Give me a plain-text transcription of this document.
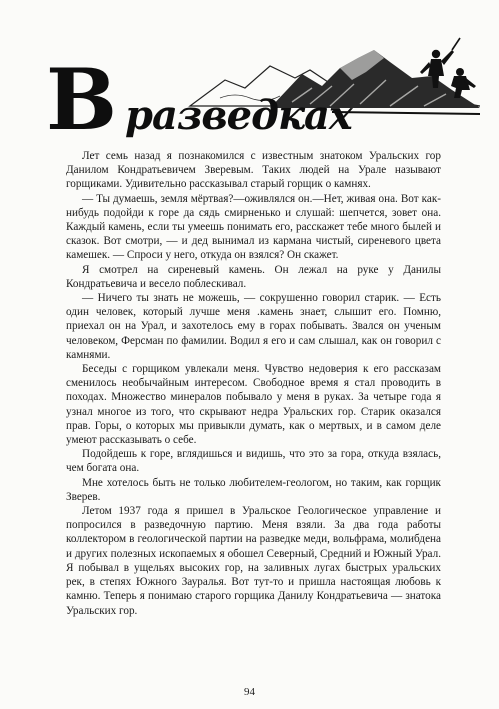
В разведках

Лет семь назад я познакомился с известным знатоком Уральских гор Данилом Кондратьевичем Зверевым. Таких людей на Урале называют горщиками. Удивительно рассказывал старый горщик о камнях.

— Ты думаешь, земля мёртвая?—оживлялся он.—Нет, живая она. Вот как-нибудь подойди к горе да сядь смирненько и слушай: шепчется, зовет она. Каждый камень, если ты умеешь понимать его, расскажет тебе много былей и сказок. Вот смотри, — и дед вынимал из кармана чистый, сиреневого цвета камешек. — Спроси у него, откуда он взялся? Он скажет.

Я смотрел на сиреневый камень. Он лежал на руке у Данилы Кондратьевича и весело поблескивал.

— Ничего ты знать не можешь, — сокрушенно говорил старик. — Есть один человек, который лучше меня .камень знает, слышит его. Помню, приехал он на Урал, и захотелось ему в горах побывать. Звался он ученым человеком, Ферсман по фамилии. Водил я его и сам слышал, как он говорил с камнями.

Беседы с горщиком увлекали меня. Чувство недоверия к его рассказам сменилось необычайным интересом. Свободное время я стал проводить в походах. Множество минералов побывало у меня в руках. За четыре года я узнал многое из того, что скрывают недра Уральских гор. Старик оказался прав. Горы, о которых мы привыкли думать, как о мертвых, и в самом деле умеют рассказывать о себе.

Подойдешь к горе, вглядишься и видишь, что это за гора, откуда взялась, чем богата она.

Мне хотелось быть не только любителем-геологом, но таким, как горщик Зверев.

Летом 1937 года я пришел в Уральское Геологическое управление и попросился в разведочную партию. Меня взяли. За два года работы коллектором в геологической партии на разведке меди, вольфрама, молибдена и других полезных ископаемых я обошел Северный, Средний и Южный Урал. Я побывал в ущельях высоких гор, на заливных лугах быстрых уральских рек, в степях Южного Зауралья. Вот тут-то и пришла настоящая любовь к камню. Теперь я понимаю старого горщика Данилу Кондратьевича — знатока Уральских гор.

94
